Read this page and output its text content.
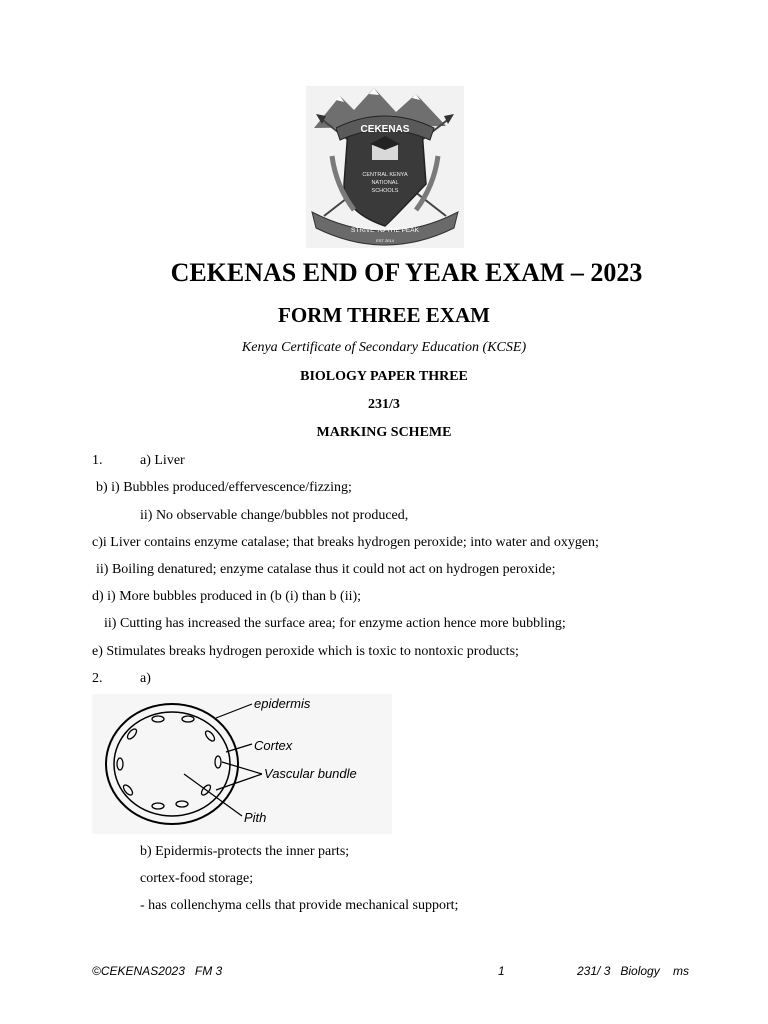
CEKENAS
CENTRAL KENYA
NATIONAL
SCHOOLS
STRIVE TO THE PEAK
EST 2014
CEKENAS END OF YEAR EXAM – 2023
FORM THREE EXAM
Kenya Certificate of Secondary Education (KCSE)
BIOLOGY PAPER THREE
231/3
MARKING SCHEME
1.	a) Liver
b) i) Bubbles produced/effervescence/fizzing;
ii) No observable change/bubbles not produced,
c)i Liver contains enzyme catalase; that breaks hydrogen peroxide; into water and oxygen;
ii) Boiling denatured; enzyme catalase thus it could not act on hydrogen peroxide;
d) i) More bubbles produced in (b (i) than b (ii);
ii) Cutting has increased the surface area; for enzyme action hence more bubbling;
e) Stimulates breaks hydrogen peroxide which is toxic to nontoxic products;
2.	a)
epidermis
Cortex
Vascular bundle
Pith
b) Epidermis-protects the inner parts;
cortex-food storage;
- has collenchyma cells that provide mechanical support;
©CEKENAS2023   FM 3	1	231/ 3   Biology    ms
